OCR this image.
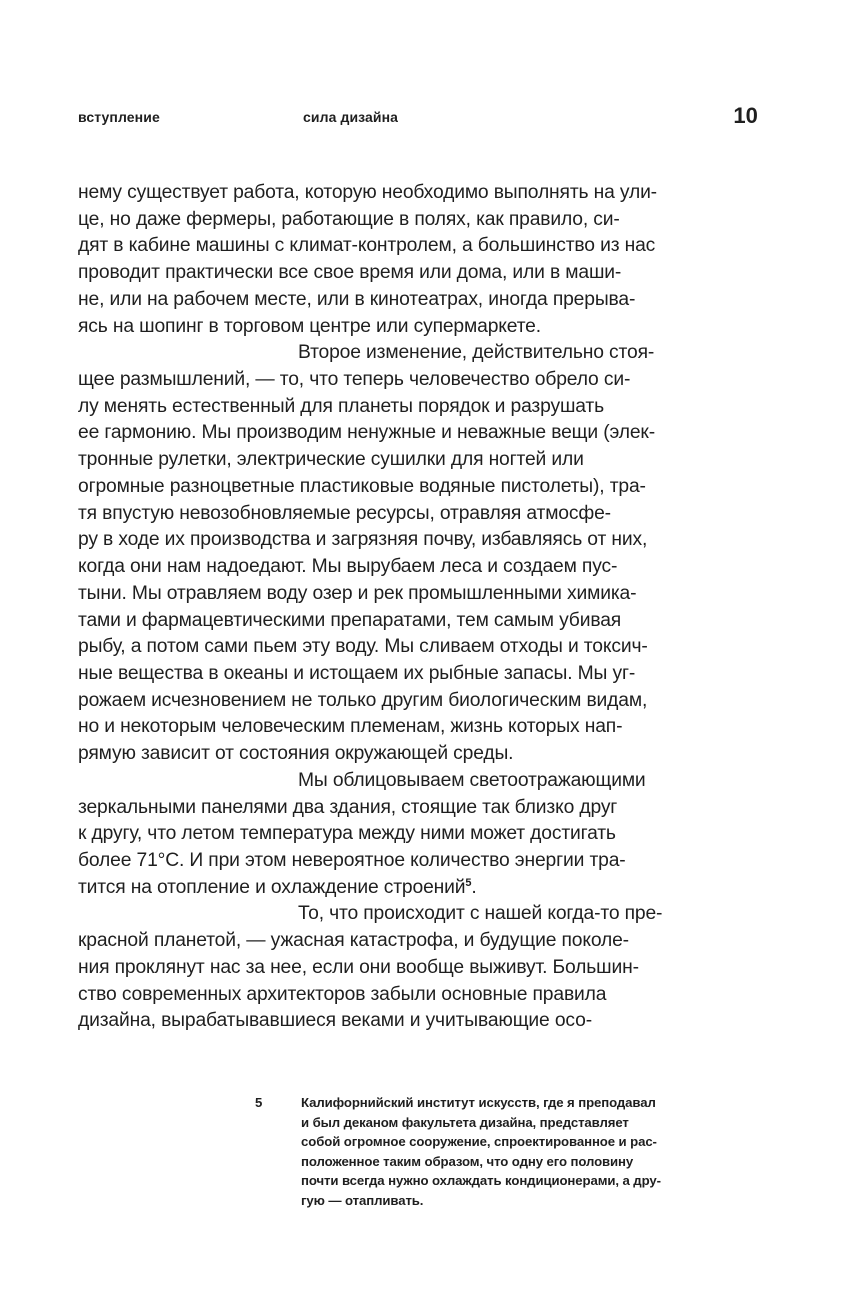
вступление	сила дизайна	10
нему существует работа, которую необходимо выполнять на ули-
це, но даже фермеры, работающие в полях, как правило, си-
дят в кабине машины с климат-контролем, а большинство из нас
проводит практически все свое время или дома, или в маши-
не, или на рабочем месте, или в кинотеатрах, иногда прерыва-
ясь на шопинг в торговом центре или супермаркете.
Второе изменение, действительно стоя-
щее размышлений, — то, что теперь человечество обрело си-
лу менять естественный для планеты порядок и разрушать
ее гармонию. Мы производим ненужные и неважные вещи (элек-
тронные рулетки, электрические сушилки для ногтей или
огромные разноцветные пластиковые водяные пистолеты), тра-
тя впустую невозобновляемые ресурсы, отравляя атмосфе-
ру в ходе их производства и загрязняя почву, избавляясь от них,
когда они нам надоедают. Мы вырубаем леса и создаем пус-
тыни. Мы отравляем воду озер и рек промышленными химика-
тами и фармацевтическими препаратами, тем самым убивая
рыбу, а потом сами пьем эту воду. Мы сливаем отходы и токсич-
ные вещества в океаны и истощаем их рыбные запасы. Мы уг-
рожаем исчезновением не только другим биологическим видам,
но и некоторым человеческим племенам, жизнь которых нап-
рямую зависит от состояния окружающей среды.
Мы облицовываем светоотражающими
зеркальными панелями два здания, стоящие так близко друг
к другу, что летом температура между ними может достигать
более 71°С. И при этом невероятное количество энергии тра-
тится на отопление и охлаждение строений$^5$.
То, что происходит с нашей когда-то пре-
красной планетой, — ужасная катастрофа, и будущие поколе-
ния проклянут нас за нее, если они вообще выживут. Большин-
ство современных архитекторов забыли основные правила
дизайна, вырабатывавшиеся веками и учитывающие осо-
5	Калифорнийский институт искусств, где я преподавал
и был деканом факультета дизайна, представляет
собой огромное сооружение, спроектированное и рас-
положенное таким образом, что одну его половину
почти всегда нужно охлаждать кондиционерами, а дру-
гую — отапливать.
